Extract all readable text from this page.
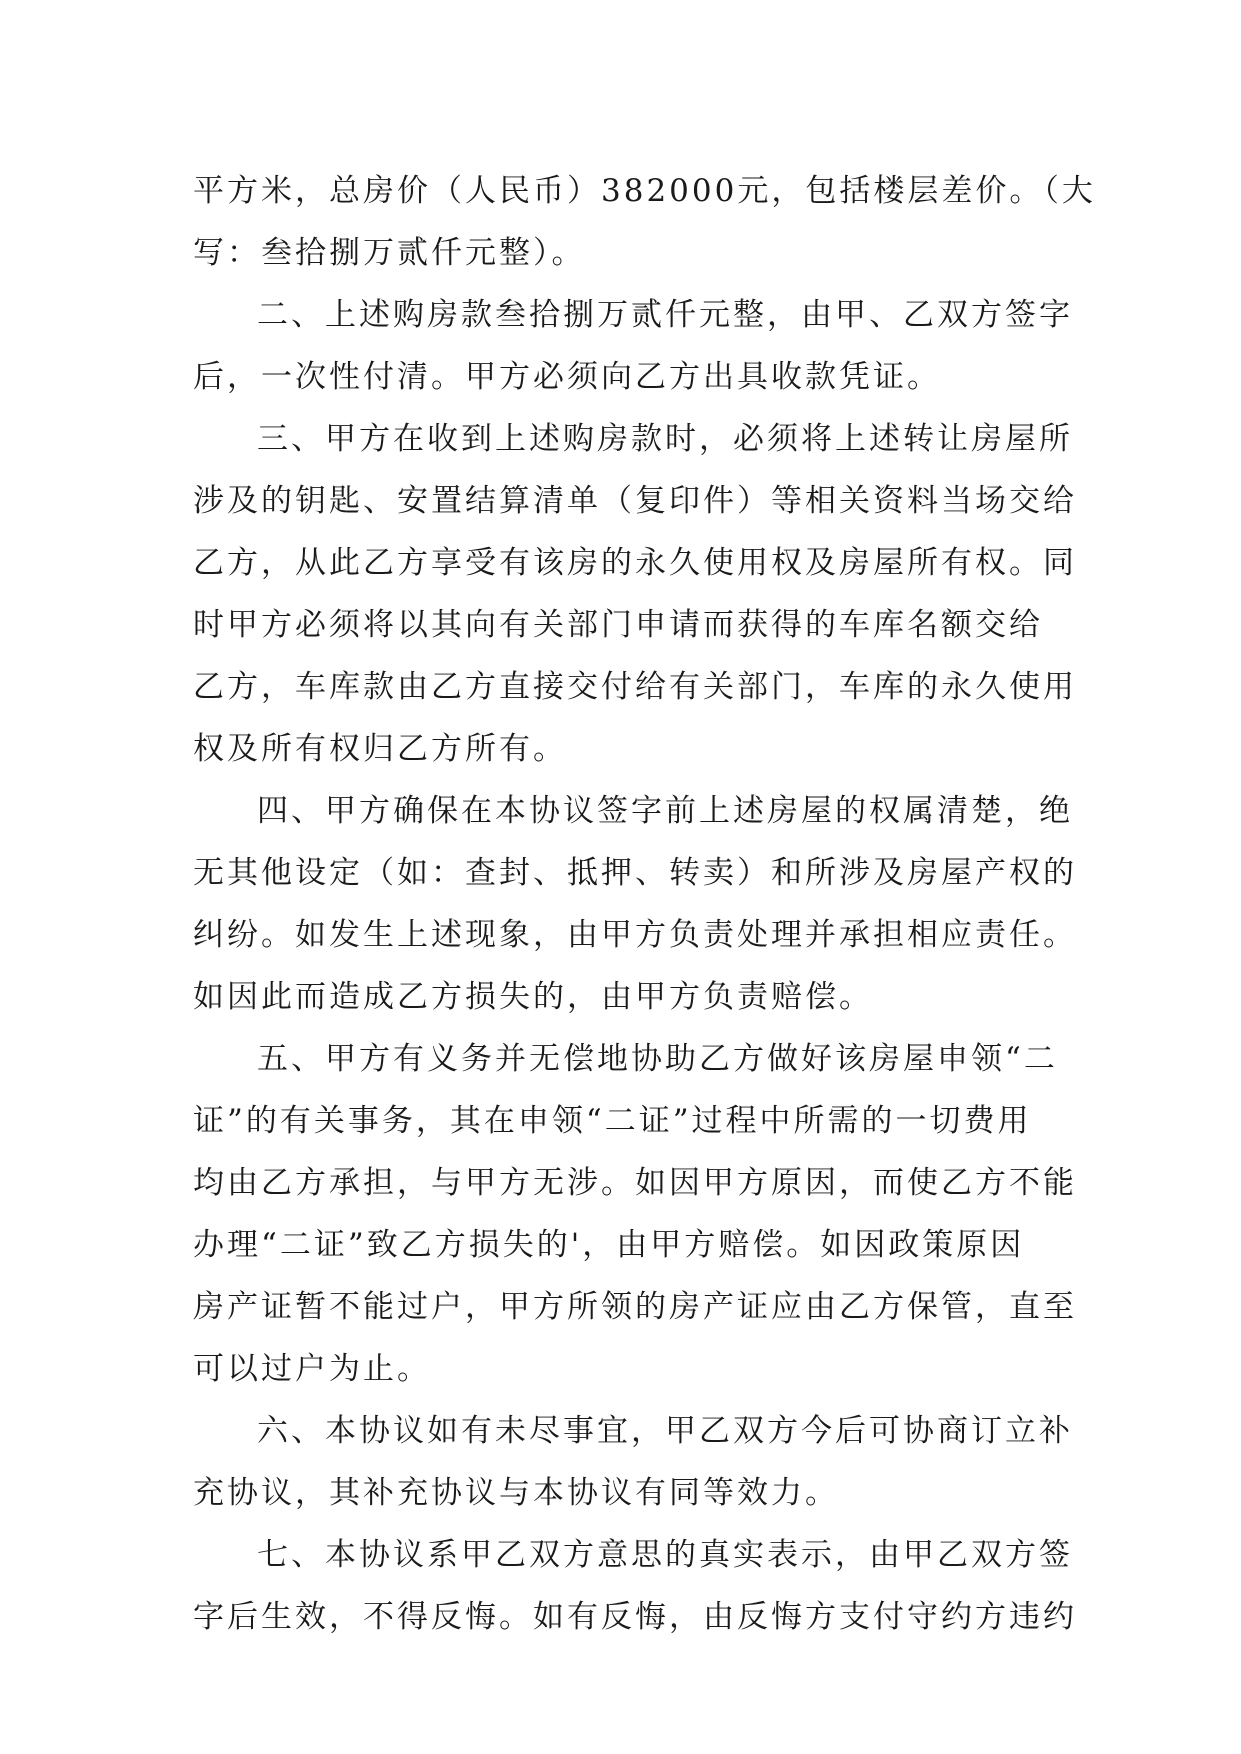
平方米，总房价（人民币）382000元，包括楼层差价。（大
写：叁拾捌万贰仟元整）。
二、上述购房款叁拾捌万贰仟元整，由甲、乙双方签字
后，一次性付清。甲方必须向乙方出具收款凭证。
三、甲方在收到上述购房款时，必须将上述转让房屋所
涉及的钥匙、安置结算清单（复印件）等相关资料当场交给
乙方，从此乙方享受有该房的永久使用权及房屋所有权。同
时甲方必须将以其向有关部门申请而获得的车库名额交给
乙方，车库款由乙方直接交付给有关部门，车库的永久使用
权及所有权归乙方所有。
四、甲方确保在本协议签字前上述房屋的权属清楚，绝
无其他设定（如：查封、抵押、转卖）和所涉及房屋产权的
纠纷。如发生上述现象，由甲方负责处理并承担相应责任。
如因此而造成乙方损失的，由甲方负责赔偿。
五、甲方有义务并无偿地协助乙方做好该房屋申领“二
证”的有关事务，其在申领“二证”过程中所需的一切费用
均由乙方承担，与甲方无涉。如因甲方原因，而使乙方不能
办理“二证”致乙方损失的'，由甲方赔偿。如因政策原因
房产证暂不能过户，甲方所领的房产证应由乙方保管，直至
可以过户为止。
六、本协议如有未尽事宜，甲乙双方今后可协商订立补
充协议，其补充协议与本协议有同等效力。
七、本协议系甲乙双方意思的真实表示，由甲乙双方签
字后生效，不得反悔。如有反悔，由反悔方支付守约方违约
